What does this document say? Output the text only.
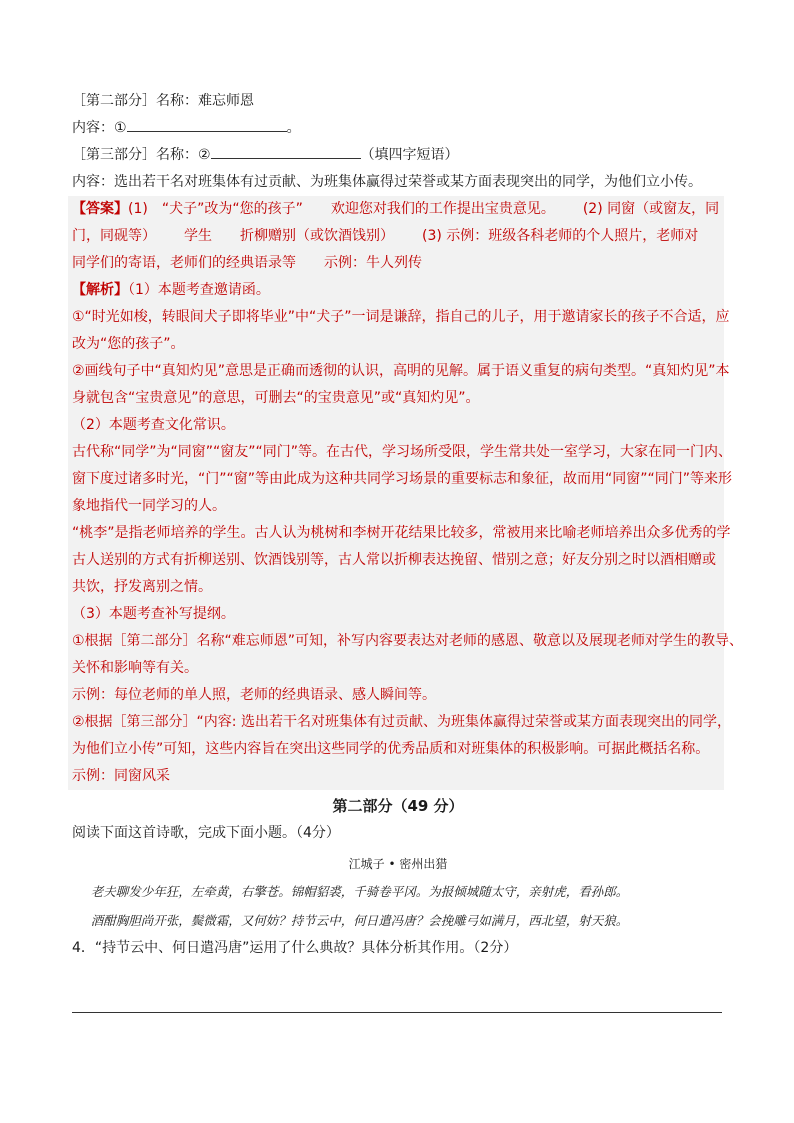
［第二部分］名称：难忘师恩
内容：①	。
［第三部分］名称：②	（填四字短语）
内容：选出若干名对班集体有过贡献、为班集体赢得过荣誉或某方面表现突出的同学，为他们立小传。
【答案】(1)　“犬子”改为“您的孩子” 欢迎您对我们的工作提出宝贵意见。 (2) 同窗（或窗友，同
门，同砚等） 学生 折柳赠别（或饮酒饯别） (3) 示例：班级各科老师的个人照片，老师对
同学们的寄语，老师们的经典语录等 示例：牛人列传
【解析】（1）本题考查邀请函。
①“时光如梭，转眼间犬子即将毕业”中“犬子”一词是谦辞，指自己的儿子，用于邀请家长的孩子不合适，应
改为“您的孩子”。
②画线句子中“真知灼见”意思是正确而透彻的认识，高明的见解。属于语义重复的病句类型。“真知灼见”本
身就包含“宝贵意见”的意思，可删去“的宝贵意见”或“真知灼见”。
（2）本题考查文化常识。
古代称“同学”为“同窗”“窗友”“同门”等。在古代，学习场所受限，学生常共处一室学习，大家在同一门内、
窗下度过诸多时光，“门”“窗”等由此成为这种共同学习场景的重要标志和象征，故而用“同窗”“同门”等来形
象地指代一同学习的人。
“桃李”是指老师培养的学生。古人认为桃树和李树开花结果比较多，常被用来比喻老师培养出众多优秀的学
古人送别的方式有折柳送别、饮酒饯别等，古人常以折柳表达挽留、惜别之意；好友分别之时以酒相赠或
共饮，抒发离别之情。
（3）本题考查补写提纲。
①根据［第二部分］名称“难忘师恩”可知，补写内容要表达对老师的感恩、敬意以及展现老师对学生的教导、
关怀和影响等有关。
示例：每位老师的单人照，老师的经典语录、感人瞬间等。
②根据［第三部分］“内容: 选出若干名对班集体有过贡献、为班集体赢得过荣誉或某方面表现突出的同学，
为他们立小传”可知，这些内容旨在突出这些同学的优秀品质和对班集体的积极影响。可据此概括名称。
示例：同窗风采
第二部分（49 分）
阅读下面这首诗歌，完成下面小题。（4分）
江城子 • 密州出猎
老夫聊发少年狂，左牵黄，右擎苍。锦帽貂裘，千骑卷平冈。为报倾城随太守，亲射虎，看孙郎。
酒酣胸胆尚开张，鬓微霜，又何妨？持节云中，何日遣冯唐？会挽雕弓如满月，西北望，射天狼。
4．“持节云中、何日遣冯唐”运用了什么典故？具体分析其作用。（2分）
